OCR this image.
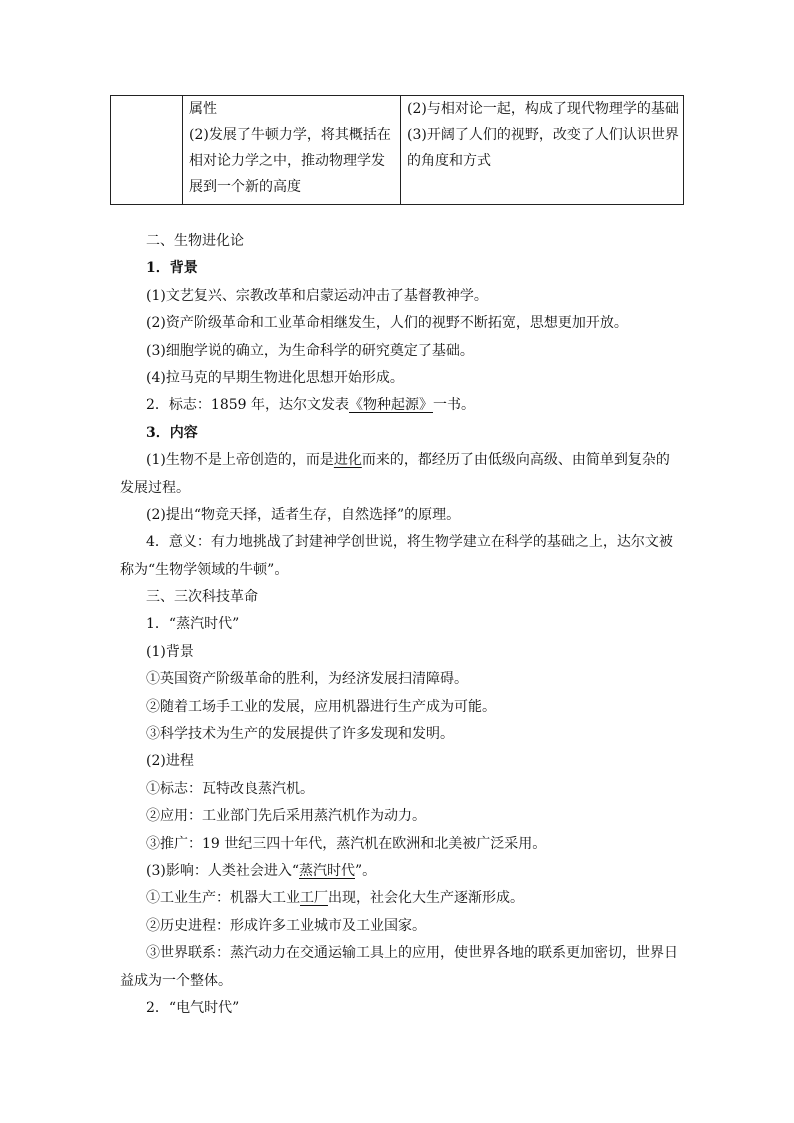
属性
(2)发展了牛顿力学，将其概括在
相对论力学之中，推动物理学发
展到一个新的高度
(2)与相对论一起，构成了现代物理学的基础
(3)开阔了人们的视野，改变了人们认识世界
的角度和方式
二、生物进化论
1．背景
(1)文艺复兴、宗教改革和启蒙运动冲击了基督教神学。
(2)资产阶级革命和工业革命相继发生，人们的视野不断拓宽，思想更加开放。
(3)细胞学说的确立，为生命科学的研究奠定了基础。
(4)拉马克的早期生物进化思想开始形成。
2．标志：1859 年，达尔文发表《物种起源》一书。
3．内容
(1)生物不是上帝创造的，而是进化而来的，都经历了由低级向高级、由简单到复杂的
发展过程。
(2)提出“物竞天择，适者生存，自然选择”的原理。
4．意义：有力地挑战了封建神学创世说，将生物学建立在科学的基础之上，达尔文被
称为“生物学领域的牛顿”。
三、三次科技革命
1．“蒸汽时代”
(1)背景
①英国资产阶级革命的胜利，为经济发展扫清障碍。
②随着工场手工业的发展，应用机器进行生产成为可能。
③科学技术为生产的发展提供了许多发现和发明。
(2)进程
①标志：瓦特改良蒸汽机。
②应用：工业部门先后采用蒸汽机作为动力。
③推广：19 世纪三四十年代，蒸汽机在欧洲和北美被广泛采用。
(3)影响：人类社会进入“蒸汽时代”。
①工业生产：机器大工业工厂出现，社会化大生产逐渐形成。
②历史进程：形成许多工业城市及工业国家。
③世界联系：蒸汽动力在交通运输工具上的应用，使世界各地的联系更加密切，世界日
益成为一个整体。
2．“电气时代”
